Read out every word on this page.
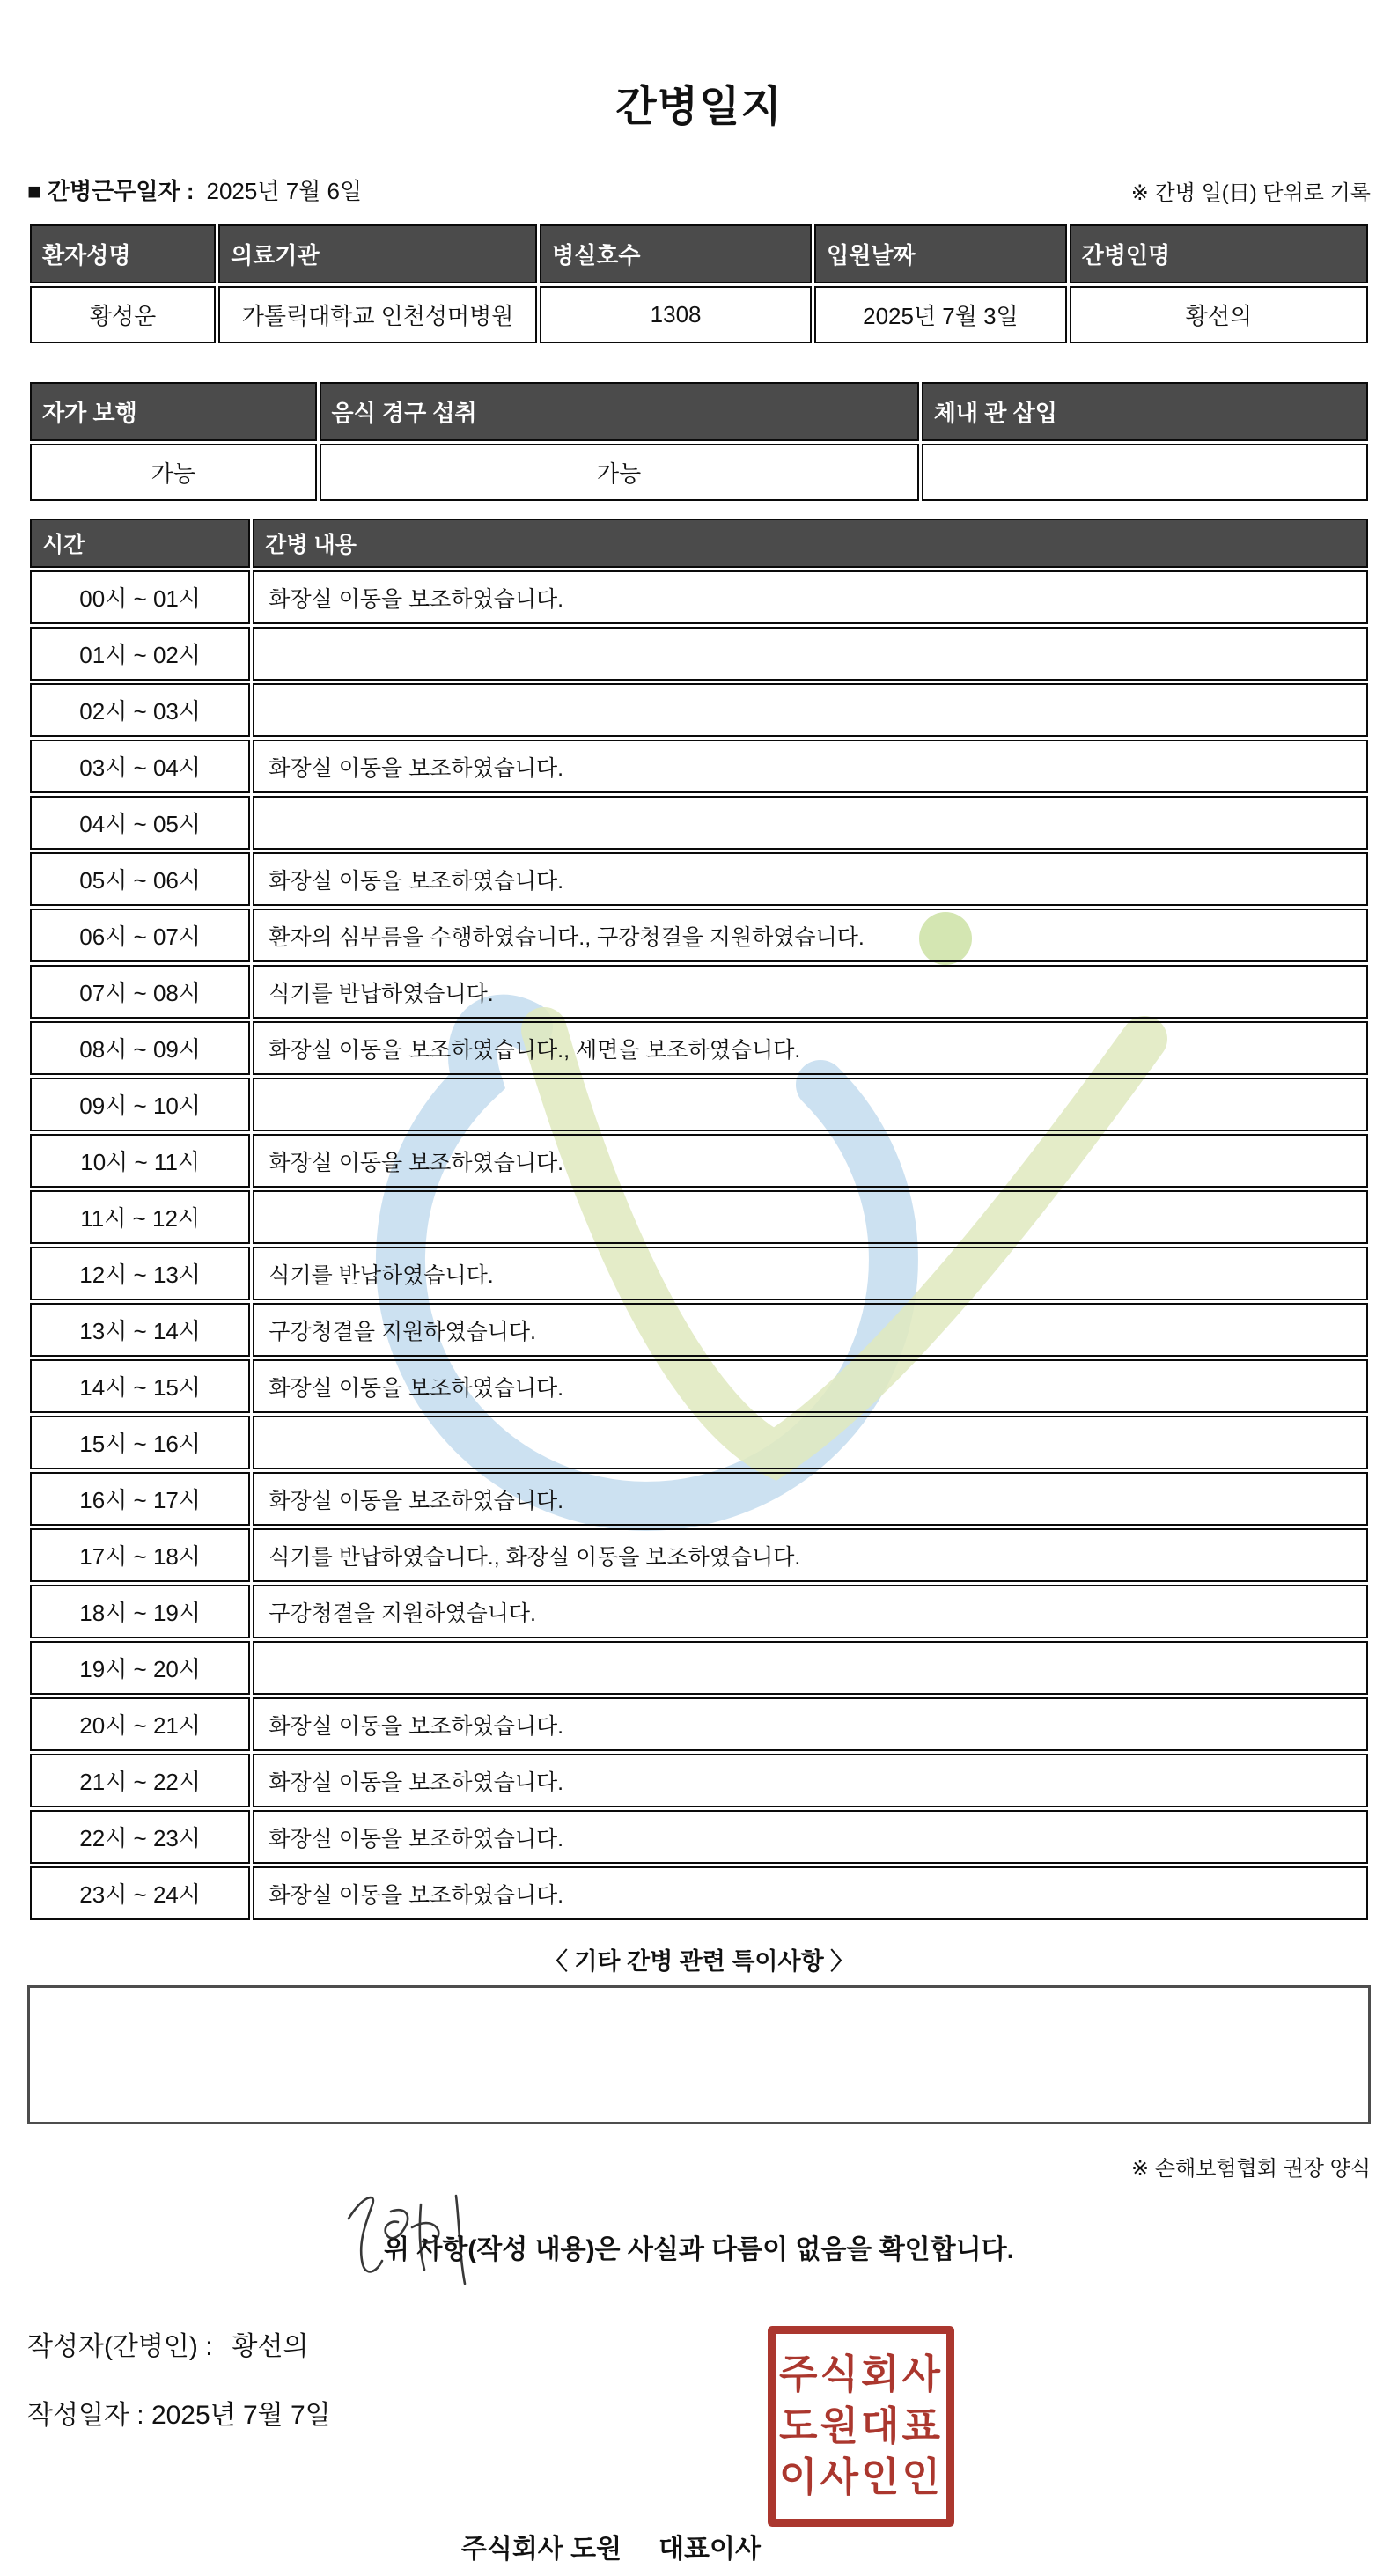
간병일지
■ 간병근무일자 : 2025년 7월 6일	※ 간병 일(日) 단위로 기록
환자성명	의료기관	병실호수	입원날짜	간병인명
황성운	가톨릭대학교 인천성머병원	1308	2025년 7월 3일	황선의
자가 보행	음식 경구 섭취	체내 관 삽입
가능	가능	
시간	간병 내용
00시 ~ 01시	화장실 이동을 보조하였습니다.
01시 ~ 02시	
02시 ~ 03시	
03시 ~ 04시	화장실 이동을 보조하였습니다.
04시 ~ 05시	
05시 ~ 06시	화장실 이동을 보조하였습니다.
06시 ~ 07시	환자의 심부름을 수행하였습니다., 구강청결을 지원하였습니다.
07시 ~ 08시	식기를 반납하였습니다.
08시 ~ 09시	화장실 이동을 보조하였습니다., 세면을 보조하였습니다.
09시 ~ 10시	
10시 ~ 11시	화장실 이동을 보조하였습니다.
11시 ~ 12시	
12시 ~ 13시	식기를 반납하였습니다.
13시 ~ 14시	구강청결을 지원하였습니다.
14시 ~ 15시	화장실 이동을 보조하였습니다.
15시 ~ 16시	
16시 ~ 17시	화장실 이동을 보조하였습니다.
17시 ~ 18시	식기를 반납하였습니다., 화장실 이동을 보조하였습니다.
18시 ~ 19시	구강청결을 지원하였습니다.
19시 ~ 20시	
20시 ~ 21시	화장실 이동을 보조하였습니다.
21시 ~ 22시	화장실 이동을 보조하였습니다.
22시 ~ 23시	화장실 이동을 보조하였습니다.
23시 ~ 24시	화장실 이동을 보조하였습니다.
〈 기타 간병 관련 특이사항 〉
※ 손해보험협회 권장 양식
위 사항(작성 내용)은 사실과 다름이 없음을 확인합니다.
작성자(간병인) : 황선의
작성일자 : 2025년 7월 7일
주식회사 도원 대표이사
주식회사
도원대표
이사인인
